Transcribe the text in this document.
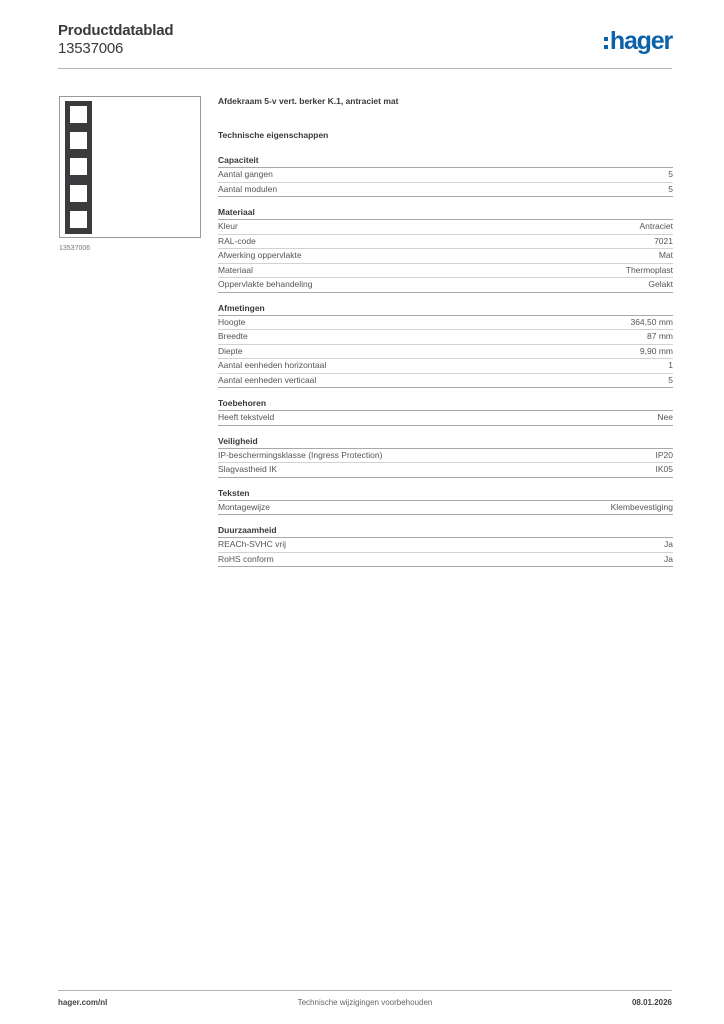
Productdatablad
13537006	hager
13537006
Afdekraam 5-v vert. berker K.1, antraciet mat
Technische eigenschappen
Capaciteit
Aantal gangen	5
Aantal modulen	5
Materiaal
Kleur	Antraciet
RAL-code	7021
Afwerking oppervlakte	Mat
Materiaal	Thermoplast
Oppervlakte behandeling	Gelakt
Afmetingen
Hoogte	364,50 mm
Breedte	87 mm
Diepte	9,90 mm
Aantal eenheden horizontaal	1
Aantal eenheden verticaal	5
Toebehoren
Heeft tekstveld	Nee
Veiligheid
IP-beschermingsklasse (Ingress Protection)	IP20
Slagvastheid IK	IK05
Teksten
Montagewijze	Klembevestiging
Duurzaamheid
REACh-SVHC vrij	Ja
RoHS conform	Ja
hager.com/nl	Technische wijzigingen voorbehouden	08.01.2026
